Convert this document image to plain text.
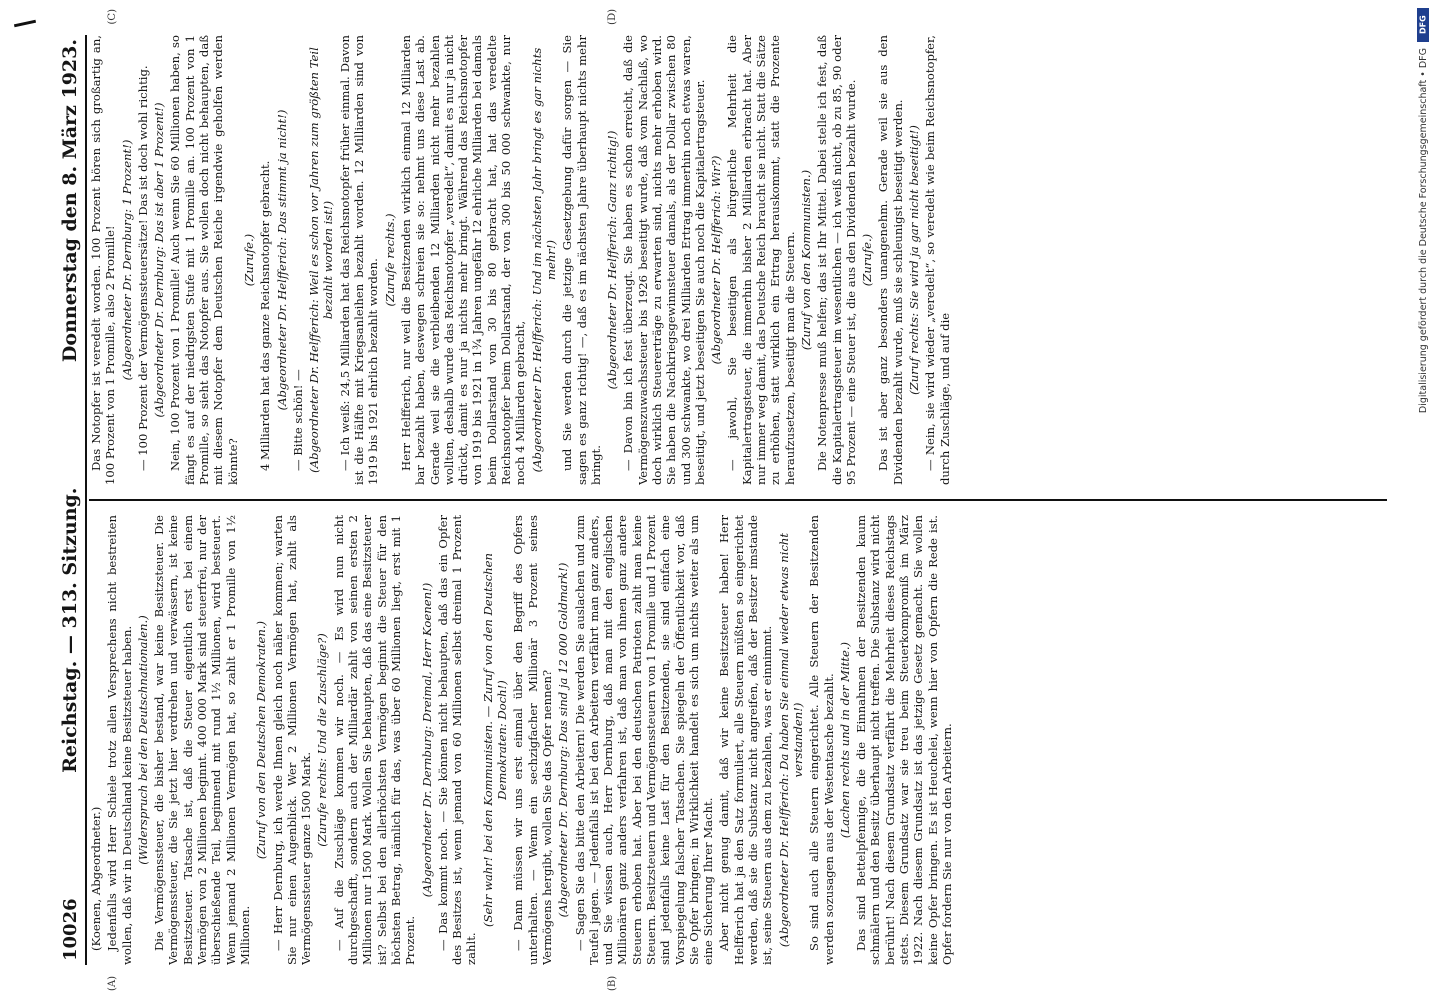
10026
Reichstag. — 313. Sitzung.
Donnerstag den 8. März 1923.

(Koenen, Abgeordneter.) Jedenfalls wird Herr Schiele trotz allen Versprechens nicht bestreiten wollen, daß wir in Deutschland keine Besitzsteuer haben. (Widerspruch bei den Deutschnationalen.) Die Vermögenssteuer, die bisher bestand, war keine Besitzsteuer. Die Vermögenssteuer, die Sie jetzt hier verdrehen und verwässern, ist keine Besitzsteuer. Tatsache ist, daß die Steuer eigentlich erst bei einem Vermögen von 2 Millionen beginnt. 400 000 Mark sind steuerfrei, nur der überschießende Teil, beginnend mit rund 1½ Millionen, wird besteuert. Wenn jemand 2 Millionen Vermögen hat, so zahlt er 1 Promille von 1½ Millionen.

(Zuruf von den Deutschen Demokraten.) — Herr Dernburg, ich werde Ihnen gleich noch näher kommen; warten Sie nur einen Augenblick. Wer 2 Millionen Vermögen hat, zahlt als Vermögenssteuer ganze 1500 Mark.

(Zurufe rechts: Und die Zuschläge?) — Auf die Zuschläge kommen wir noch. — Es wird nun nicht durchgeschafft, sondern auch der Milliardär zahlt von seinen ersten 2 Millionen nur 1500 Mark. Wollen Sie behaupten, daß das eine Besitzsteuer ist? Selbst bei den allerhöchsten Vermögen beginnt die Steuer für den höchsten Betrag, nämlich für das, was über 60 Millionen liegt, erst mit 1 Prozent.

(Abgeordneter Dr. Dernburg: Dreimal, Herr Koenen!) — Das kommt noch. — Sie können nicht behaupten, daß das ein Opfer des Besitzes ist, wenn jemand von 60 Millionen selbst dreimal 1 Prozent zahlt.

(Sehr wahr! bei den Kommunisten. — Zuruf von den Deutschen Demokraten: Doch!) — Dann müssen wir uns erst einmal über den Begriff des Opfers unterhalten. — Wenn ein sechzigfacher Millionär 3 Prozent seines Vermögens hergibt, wollen Sie das Opfer nennen? (Abgeordneter Dr. Dernburg: Das sind ja 12 000 Goldmark!) — Sagen Sie das bitte den Arbeitern! Die werden Sie auslachen und zum Teufel jagen. — Jedenfalls ist bei den Arbeitern verfährt man ganz anders, und Sie wissen auch, Herr Dernburg, daß man mit den englischen Millionären ganz anders verfahren ist, daß man von ihnen ganz andere Steuern erhoben hat. Aber bei den deutschen Patrioten zahlt man keine Steuern. Besitzsteuern und Vermögenssteuern von 1 Promille und 1 Prozent sind jedenfalls keine Last für den Besitzenden, sie sind einfach eine Vorspiegelung falscher Tatsachen. Sie spiegeln der Öffentlichkeit vor, daß Sie Opfer bringen; in Wirklichkeit handelt es sich um nichts weiter als um eine Sicherung Ihrer Macht. Aber nicht genug damit, daß wir keine Besitzsteuer haben! Herr Helfferich hat ja den Satz formuliert, alle Steuern müßten so eingerichtet werden, daß sie die Substanz nicht angreifen, daß der Besitzer imstande ist, seine Steuern aus dem zu bezahlen, was er einnimmt. (Abgeordneter Dr. Helfferich: Da haben Sie einmal wieder etwas nicht verstanden!) So sind auch alle Steuern eingerichtet. Alle Steuern der Besitzenden werden sozusagen aus der Westentasche bezahlt. (Lachen rechts und in der Mitte.) Das sind Bettelpfennige, die die Einnahmen der Besitzenden kaum schmälern und den Besitz überhaupt nicht treffen. Die Substanz wird nicht berührt! Nach diesem Grundsatz verfährt die Mehrheit dieses Reichstags stets. Diesem Grundsatz war sie treu beim Steuerkompromiß im März 1922. Nach diesem Grundsatz ist das jetzige Gesetz gemacht. Sie wollen keine Opfer bringen. Es ist Heuchelei, wenn hier von Opfern die Rede ist. Opfer fordern Sie nur von den Arbeitern.

Das Notopfer ist veredelt worden. 100 Prozent hören sich großartig an, 100 Prozent von 1 Promille, also 2 Promille! (Abgeordneter Dr. Dernburg: 1 Prozent!) — 100 Prozent der Vermögenssteuersätze! Das ist doch wohl richtig. (Abgeordneter Dr. Dernburg: Das ist aber 1 Prozent!) Nein, 100 Prozent von 1 Promille! Auch wenn Sie 60 Millionen haben, so fängt es auf der niedrigsten Stufe mit 1 Promille an. 100 Prozent von 1 Promille, so sieht das Notopfer aus. Sie wollen doch nicht behaupten, daß mit diesem Notopfer dem Deutschen Reiche irgendwie geholfen werden könnte?

(Zurufe.) 4 Milliarden hat das ganze Reichsnotopfer gebracht. (Abgeordneter Dr. Helfferich: Das stimmt ja nicht!)

— Bitte schön! — (Abgeordneter Dr. Helfferich: Weil es schon vor Jahren zum größten Teil bezahlt worden ist!) — Ich weiß: 24,5 Milliarden hat das Reichsnotopfer früher einmal. Davon ist die Hälfte mit Kriegsanleihen bezahlt worden. 12 Milliarden sind von 1919 bis 1921 ehrlich bezahlt worden. (Zurufe rechts.) Herr Helfferich, nur weil die Besitzenden wirklich einmal 12 Milliarden bar bezahlt haben, deswegen schreien sie so: nehmt uns diese Last ab. Gerade weil sie die verbleibenden 12 Milliarden nicht mehr bezahlen wollten, deshalb wurde das Reichsnotopfer „veredelt“, damit es nur ja nicht drückt, damit es nur ja nichts mehr bringt. Während das Reichsnotopfer von 1919 bis 1921 in 1¾ Jahren ungefähr 12 ehrliche Milliarden bei damals beim Dollarstand von 30 bis 80 gebracht hat, hat das veredelte Reichsnotopfer beim Dollarstand, der von 300 bis 50 000 schwankte, nur noch 4 Milliarden gebracht, (Abgeordneter Dr. Helfferich: Und im nächsten Jahr bringt es gar nichts mehr!) und Sie werden durch die jetzige Gesetzgebung dafür sorgen — Sie sagen es ganz richtig! —, daß es im nächsten Jahre überhaupt nichts mehr bringt.

(Abgeordneter Dr. Helfferich: Ganz richtig!) — Davon bin ich fest überzeugt. Sie haben es schon erreicht, daß die Vermögenszuwachssteuer bis 1926 beseitigt wurde, daß vom Nachlaß, wo doch wirklich Steuererträge zu erwarten sind, nichts mehr erhoben wird. Sie haben die Nachkriegsgewinnsteuer damals, als der Dollar zwischen 80 und 300 schwankte, wo drei Milliarden Ertrag immerhin noch etwas waren, beseitigt, und jetzt beseitigen Sie auch noch die Kapitalertragsteuer. (Abgeordneter Dr. Helfferich: Wir?) — jawohl, Sie beseitigen als bürgerliche Mehrheit die Kapitalertragsteuer, die immerhin bisher 2 Milliarden erbracht hat. Aber nur immer weg damit, das Deutsche Reich braucht sie nicht. Statt die Sätze zu erhöhen, statt wirklich ein Ertrag herauskommt, statt die Prozente heraufzusetzen, beseitigt man die Steuern. (Zuruf von den Kommunisten.) Die Notenpresse muß helfen; das ist Ihr Mittel. Dabei stelle ich fest, daß die Kapitalertragsteuer im wesentlichen — ich weiß nicht, ob zu 85, 90 oder 95 Prozent — eine Steuer ist, die aus den Dividenden bezahlt wurde. (Zurufe.) Das ist aber ganz besonders unangenehm. Gerade weil sie aus den Dividenden bezahlt wurde, muß sie schleunigst beseitigt werden. (Zuruf rechts: Sie wird ja gar nicht beseitigt!) — Nein, sie wird wieder „veredelt“, so veredelt wie beim Reichsnotopfer, durch Zuschläge, und auf die

(A)	(B)
(C)	(D)	DFG
Digitalisierung gefördert durch die Deutsche Forschungsgemeinschaft • DFG
